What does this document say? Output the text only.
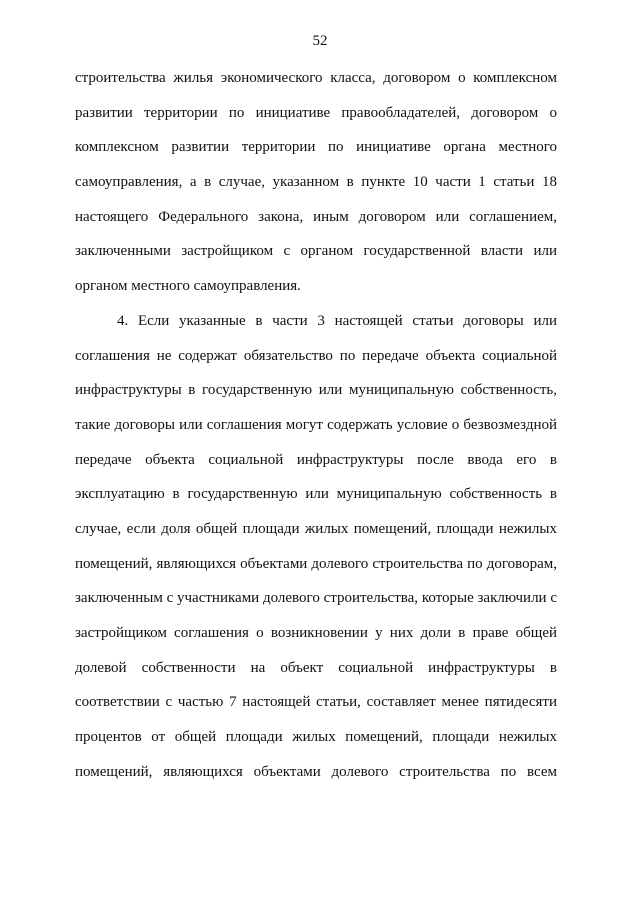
52
строительства жилья экономического класса, договором о комплексном
развитии территории по инициативе правообладателей, договором о
комплексном развитии территории по инициативе органа местного
самоуправления, а в случае, указанном в пункте 10 части 1 статьи 18
настоящего Федерального закона, иным договором или соглашением,
заключенными застройщиком с органом государственной власти или
органом местного самоуправления.
4. Если указанные в части 3 настоящей статьи договоры или
соглашения не содержат обязательство по передаче объекта социальной
инфраструктуры в государственную или муниципальную собственность,
такие договоры или соглашения могут содержать условие о безвозмездной
передаче объекта социальной инфраструктуры после ввода его в
эксплуатацию в государственную или муниципальную собственность в
случае, если доля общей площади жилых помещений, площади нежилых
помещений, являющихся объектами долевого строительства по договорам,
заключенным с участниками долевого строительства, которые заключили с
застройщиком соглашения о возникновении у них доли в праве общей
долевой собственности на объект социальной инфраструктуры в
соответствии с частью 7 настоящей статьи, составляет менее пятидесяти
процентов от общей площади жилых помещений, площади нежилых
помещений, являющихся объектами долевого строительства по всем
